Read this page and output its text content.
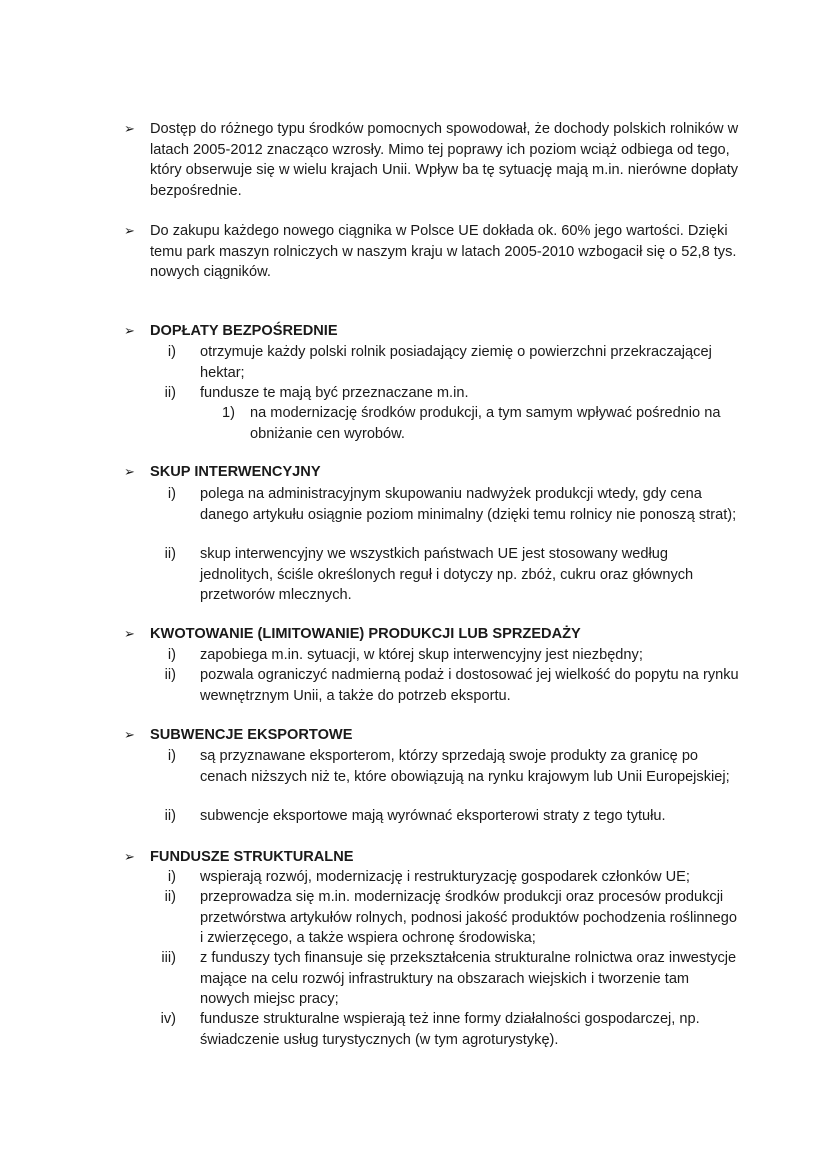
➢	Dostęp do różnego typu środków pomocnych spowodował, że dochody polskich rolników w latach 2005-2012 znacząco wzrosły. Mimo tej poprawy ich poziom wciąż odbiega od tego, który obserwuje się w wielu krajach Unii. Wpływ ba tę sytuację mają m.in. nierówne dopłaty bezpośrednie.

➢	Do zakupu każdego nowego ciągnika w Polsce UE dokłada ok. 60% jego wartości. Dzięki temu park maszyn rolniczych w naszym kraju w latach 2005-2010 wzbogacił się o 52,8 tys. nowych ciągników.

➢	DOPŁATY BEZPOŚREDNIE
i) otrzymuje każdy polski rolnik posiadający ziemię o powierzchni przekraczającej hektar;

ii) fundusze te mają być przeznaczane m.in.

1)	na modernizację środków produkcji, a tym samym wpływać pośrednio na obniżanie cen wyrobów.

➢	SKUP INTERWENCYJNY
i) polega na administracyjnym skupowaniu nadwyżek produkcji wtedy, gdy cena danego artykułu osiągnie poziom minimalny (dzięki temu rolnicy nie ponoszą strat);

ii) skup interwencyjny we wszystkich państwach UE jest stosowany według jednolitych, ściśle określonych reguł i dotyczy np. zbóż, cukru oraz głównych przetworów mlecznych.

➢	KWOTOWANIE (LIMITOWANIE) PRODUKCJI LUB SPRZEDAŻY
i) zapobiega m.in. sytuacji, w której skup interwencyjny jest niezbędny;

ii) pozwala ograniczyć nadmierną podaż i dostosować jej wielkość do popytu na rynku wewnętrznym Unii, a także do potrzeb eksportu.

➢	SUBWENCJE EKSPORTOWE
i) są przyznawane eksporterom, którzy sprzedają swoje produkty za granicę po cenach niższych niż te, które obowiązują na rynku krajowym lub Unii Europejskiej;

ii) subwencje eksportowe mają wyrównać eksporterowi straty z tego tytułu.

➢	FUNDUSZE STRUKTURALNE
i) wspierają rozwój, modernizację i restrukturyzację gospodarek członków UE;

ii) przeprowadza się m.in. modernizację środków produkcji oraz procesów produkcji przetwórstwa artykułów rolnych, podnosi jakość produktów pochodzenia roślinnego i zwierzęcego, a także wspiera ochronę środowiska;

iii) z funduszy tych finansuje się przekształcenia strukturalne rolnictwa oraz inwestycje mające na celu rozwój infrastruktury na obszarach wiejskich i tworzenie tam nowych miejsc pracy;

iv) fundusze strukturalne wspierają też inne formy działalności gospodarczej, np. świadczenie usług turystycznych (w tym agroturystykę).
